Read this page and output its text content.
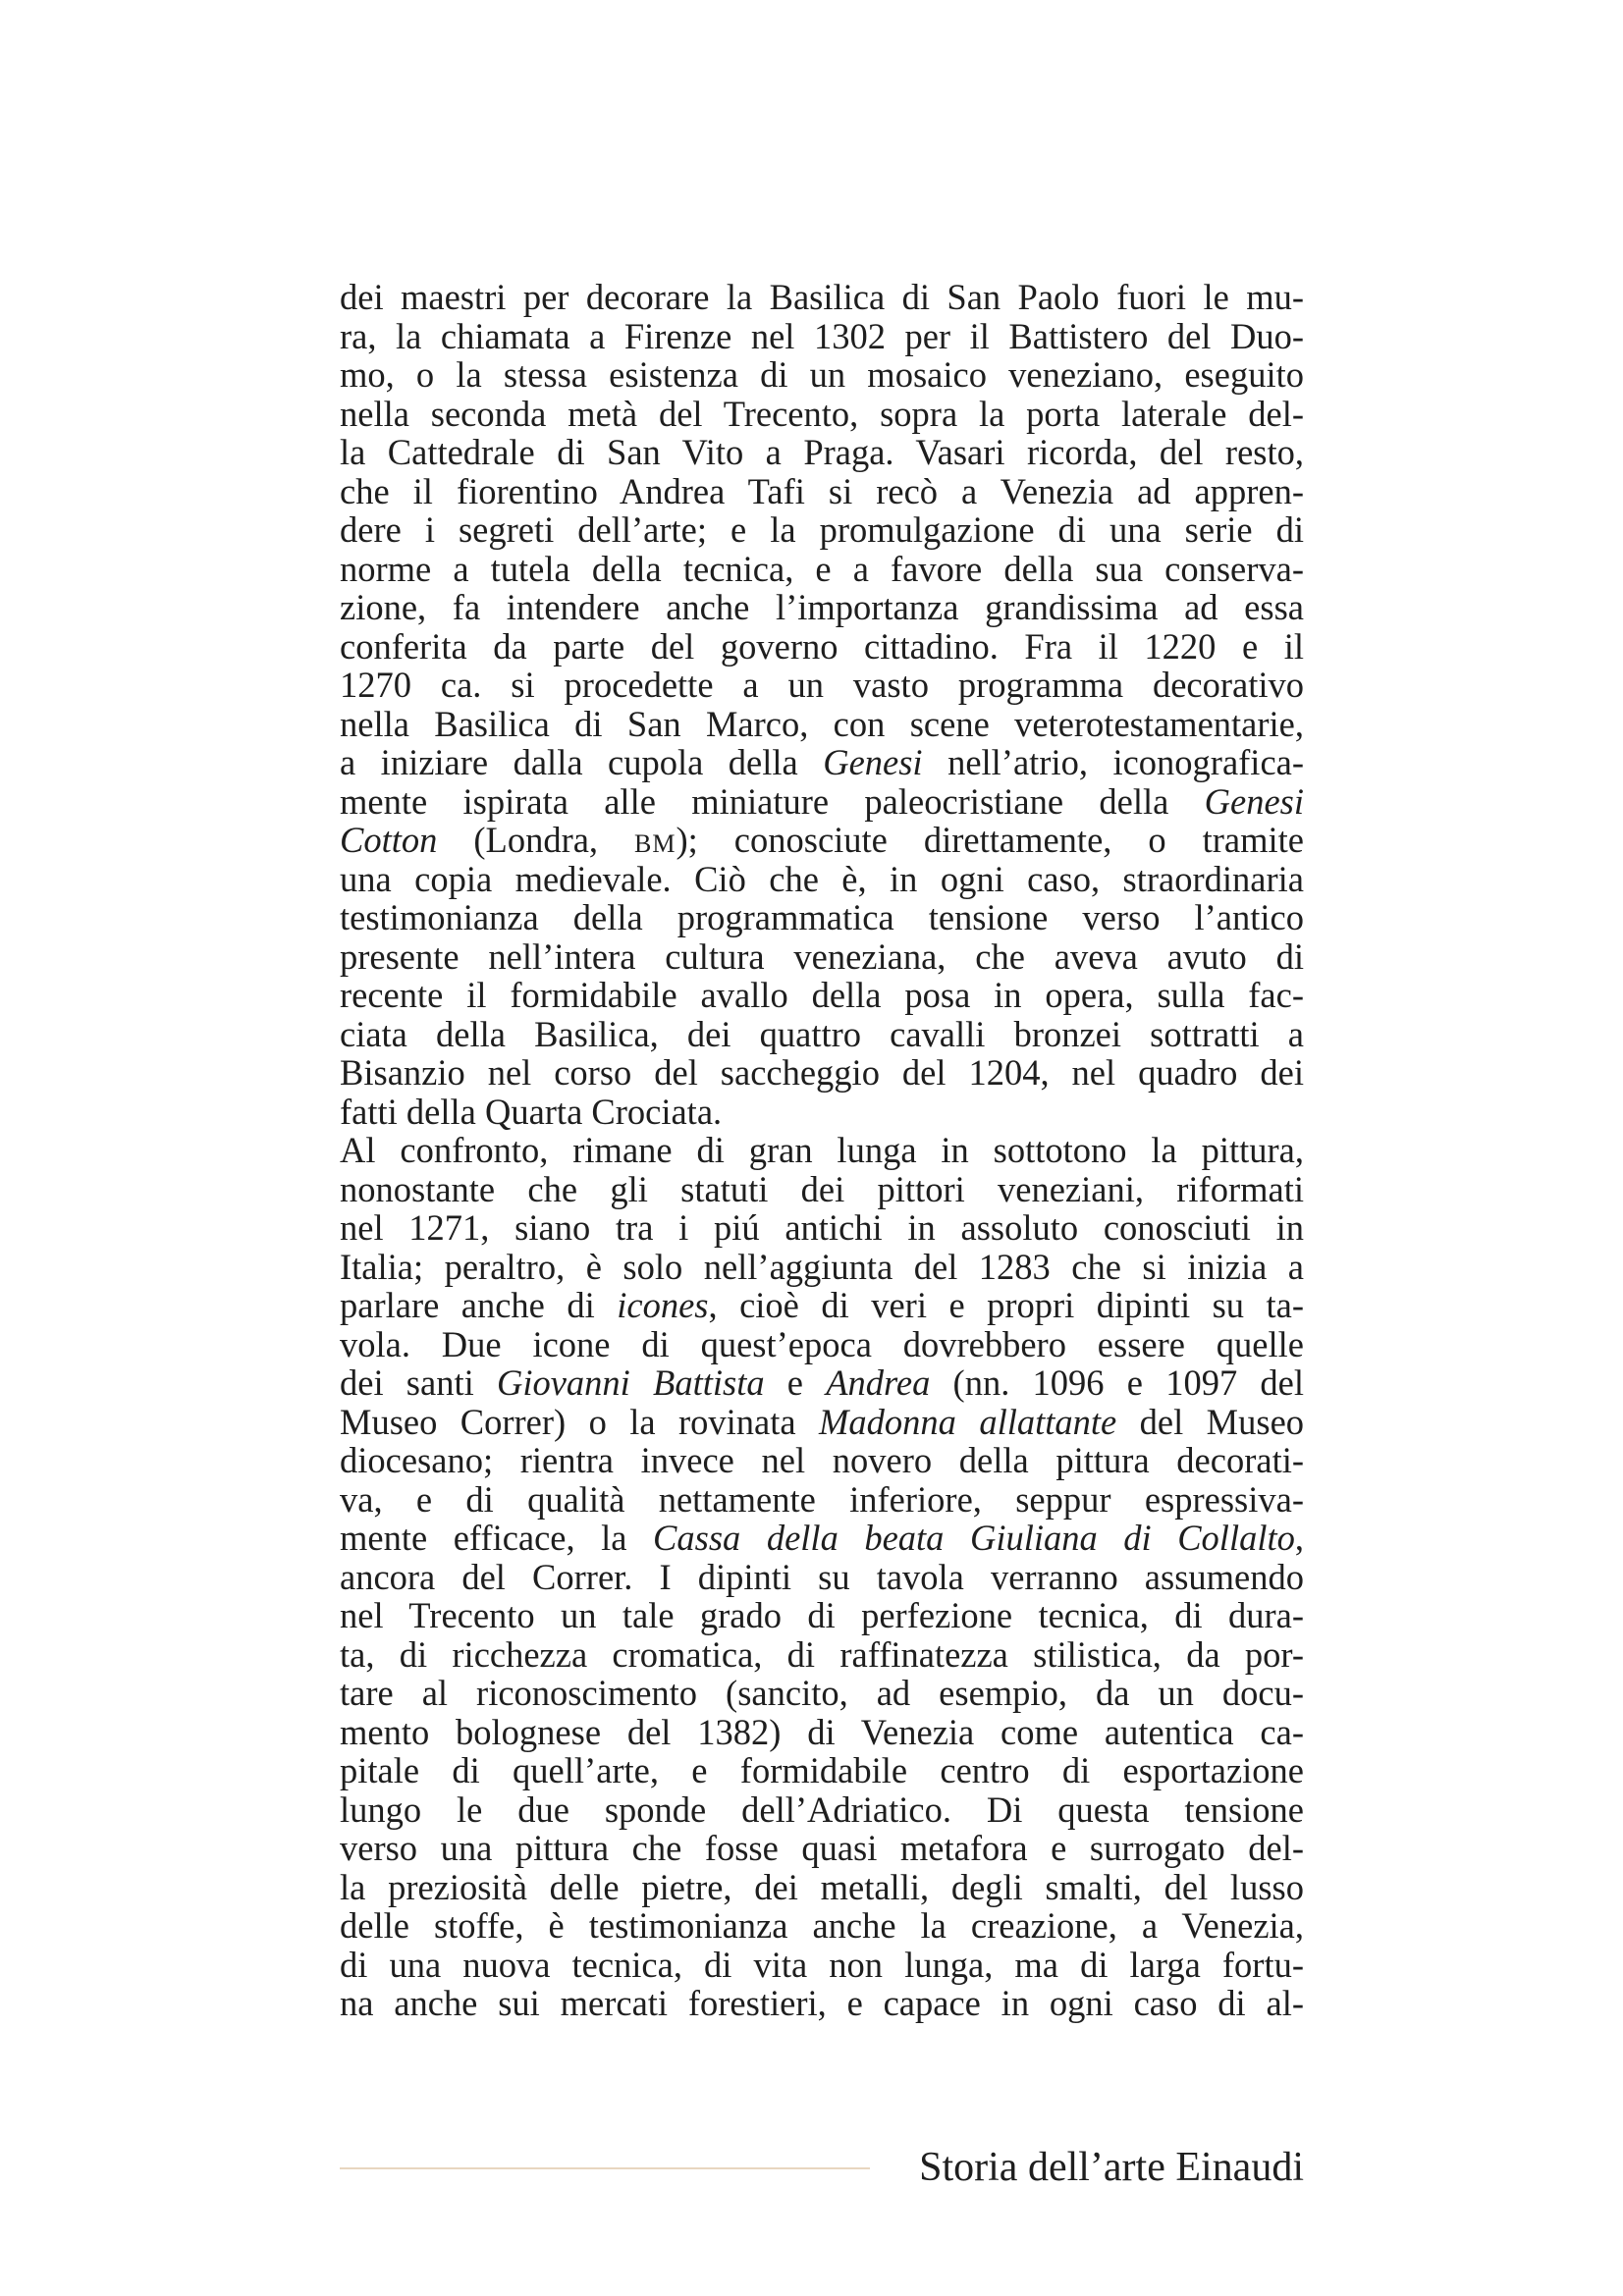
dei maestri per decorare la Basilica di San Paolo fuori le mu-
ra, la chiamata a Firenze nel 1302 per il Battistero del Duo-
mo, o la stessa esistenza di un mosaico veneziano, eseguito
nella seconda metà del Trecento, sopra la porta laterale del-
la Cattedrale di San Vito a Praga. Vasari ricorda, del resto,
che il fiorentino Andrea Tafi si recò a Venezia ad appren-
dere i segreti dell’arte; e la promulgazione di una serie di
norme a tutela della tecnica, e a favore della sua conserva-
zione, fa intendere anche l’importanza grandissima ad essa
conferita da parte del governo cittadino. Fra il 1220 e il
1270 ca. si procedette a un vasto programma decorativo
nella Basilica di San Marco, con scene veterotestamentarie,
a iniziare dalla cupola della Genesi nell’atrio, iconografica-
mente ispirata alle miniature paleocristiane della Genesi
Cotton (Londra, BM); conosciute direttamente, o tramite
una copia medievale. Ciò che è, in ogni caso, straordinaria
testimonianza della programmatica tensione verso l’antico
presente nell’intera cultura veneziana, che aveva avuto di
recente il formidabile avallo della posa in opera, sulla fac-
ciata della Basilica, dei quattro cavalli bronzei sottratti a
Bisanzio nel corso del saccheggio del 1204, nel quadro dei
fatti della Quarta Crociata.
Al confronto, rimane di gran lunga in sottotono la pittura,
nonostante che gli statuti dei pittori veneziani, riformati
nel 1271, siano tra i piú antichi in assoluto conosciuti in
Italia; peraltro, è solo nell’aggiunta del 1283 che si inizia a
parlare anche di icones, cioè di veri e propri dipinti su ta-
vola. Due icone di quest’epoca dovrebbero essere quelle
dei santi Giovanni Battista e Andrea (nn. 1096 e 1097 del
Museo Correr) o la rovinata Madonna allattante del Museo
diocesano; rientra invece nel novero della pittura decorati-
va, e di qualità nettamente inferiore, seppur espressiva-
mente efficace, la Cassa della beata Giuliana di Collalto,
ancora del Correr. I dipinti su tavola verranno assumendo
nel Trecento un tale grado di perfezione tecnica, di dura-
ta, di ricchezza cromatica, di raffinatezza stilistica, da por-
tare al riconoscimento (sancito, ad esempio, da un docu-
mento bolognese del 1382) di Venezia come autentica ca-
pitale di quell’arte, e formidabile centro di esportazione
lungo le due sponde dell’Adriatico. Di questa tensione
verso una pittura che fosse quasi metafora e surrogato del-
la preziosità delle pietre, dei metalli, degli smalti, del lusso
delle stoffe, è testimonianza anche la creazione, a Venezia,
di una nuova tecnica, di vita non lunga, ma di larga fortu-
na anche sui mercati forestieri, e capace in ogni caso di al-
Storia dell’arte Einaudi
